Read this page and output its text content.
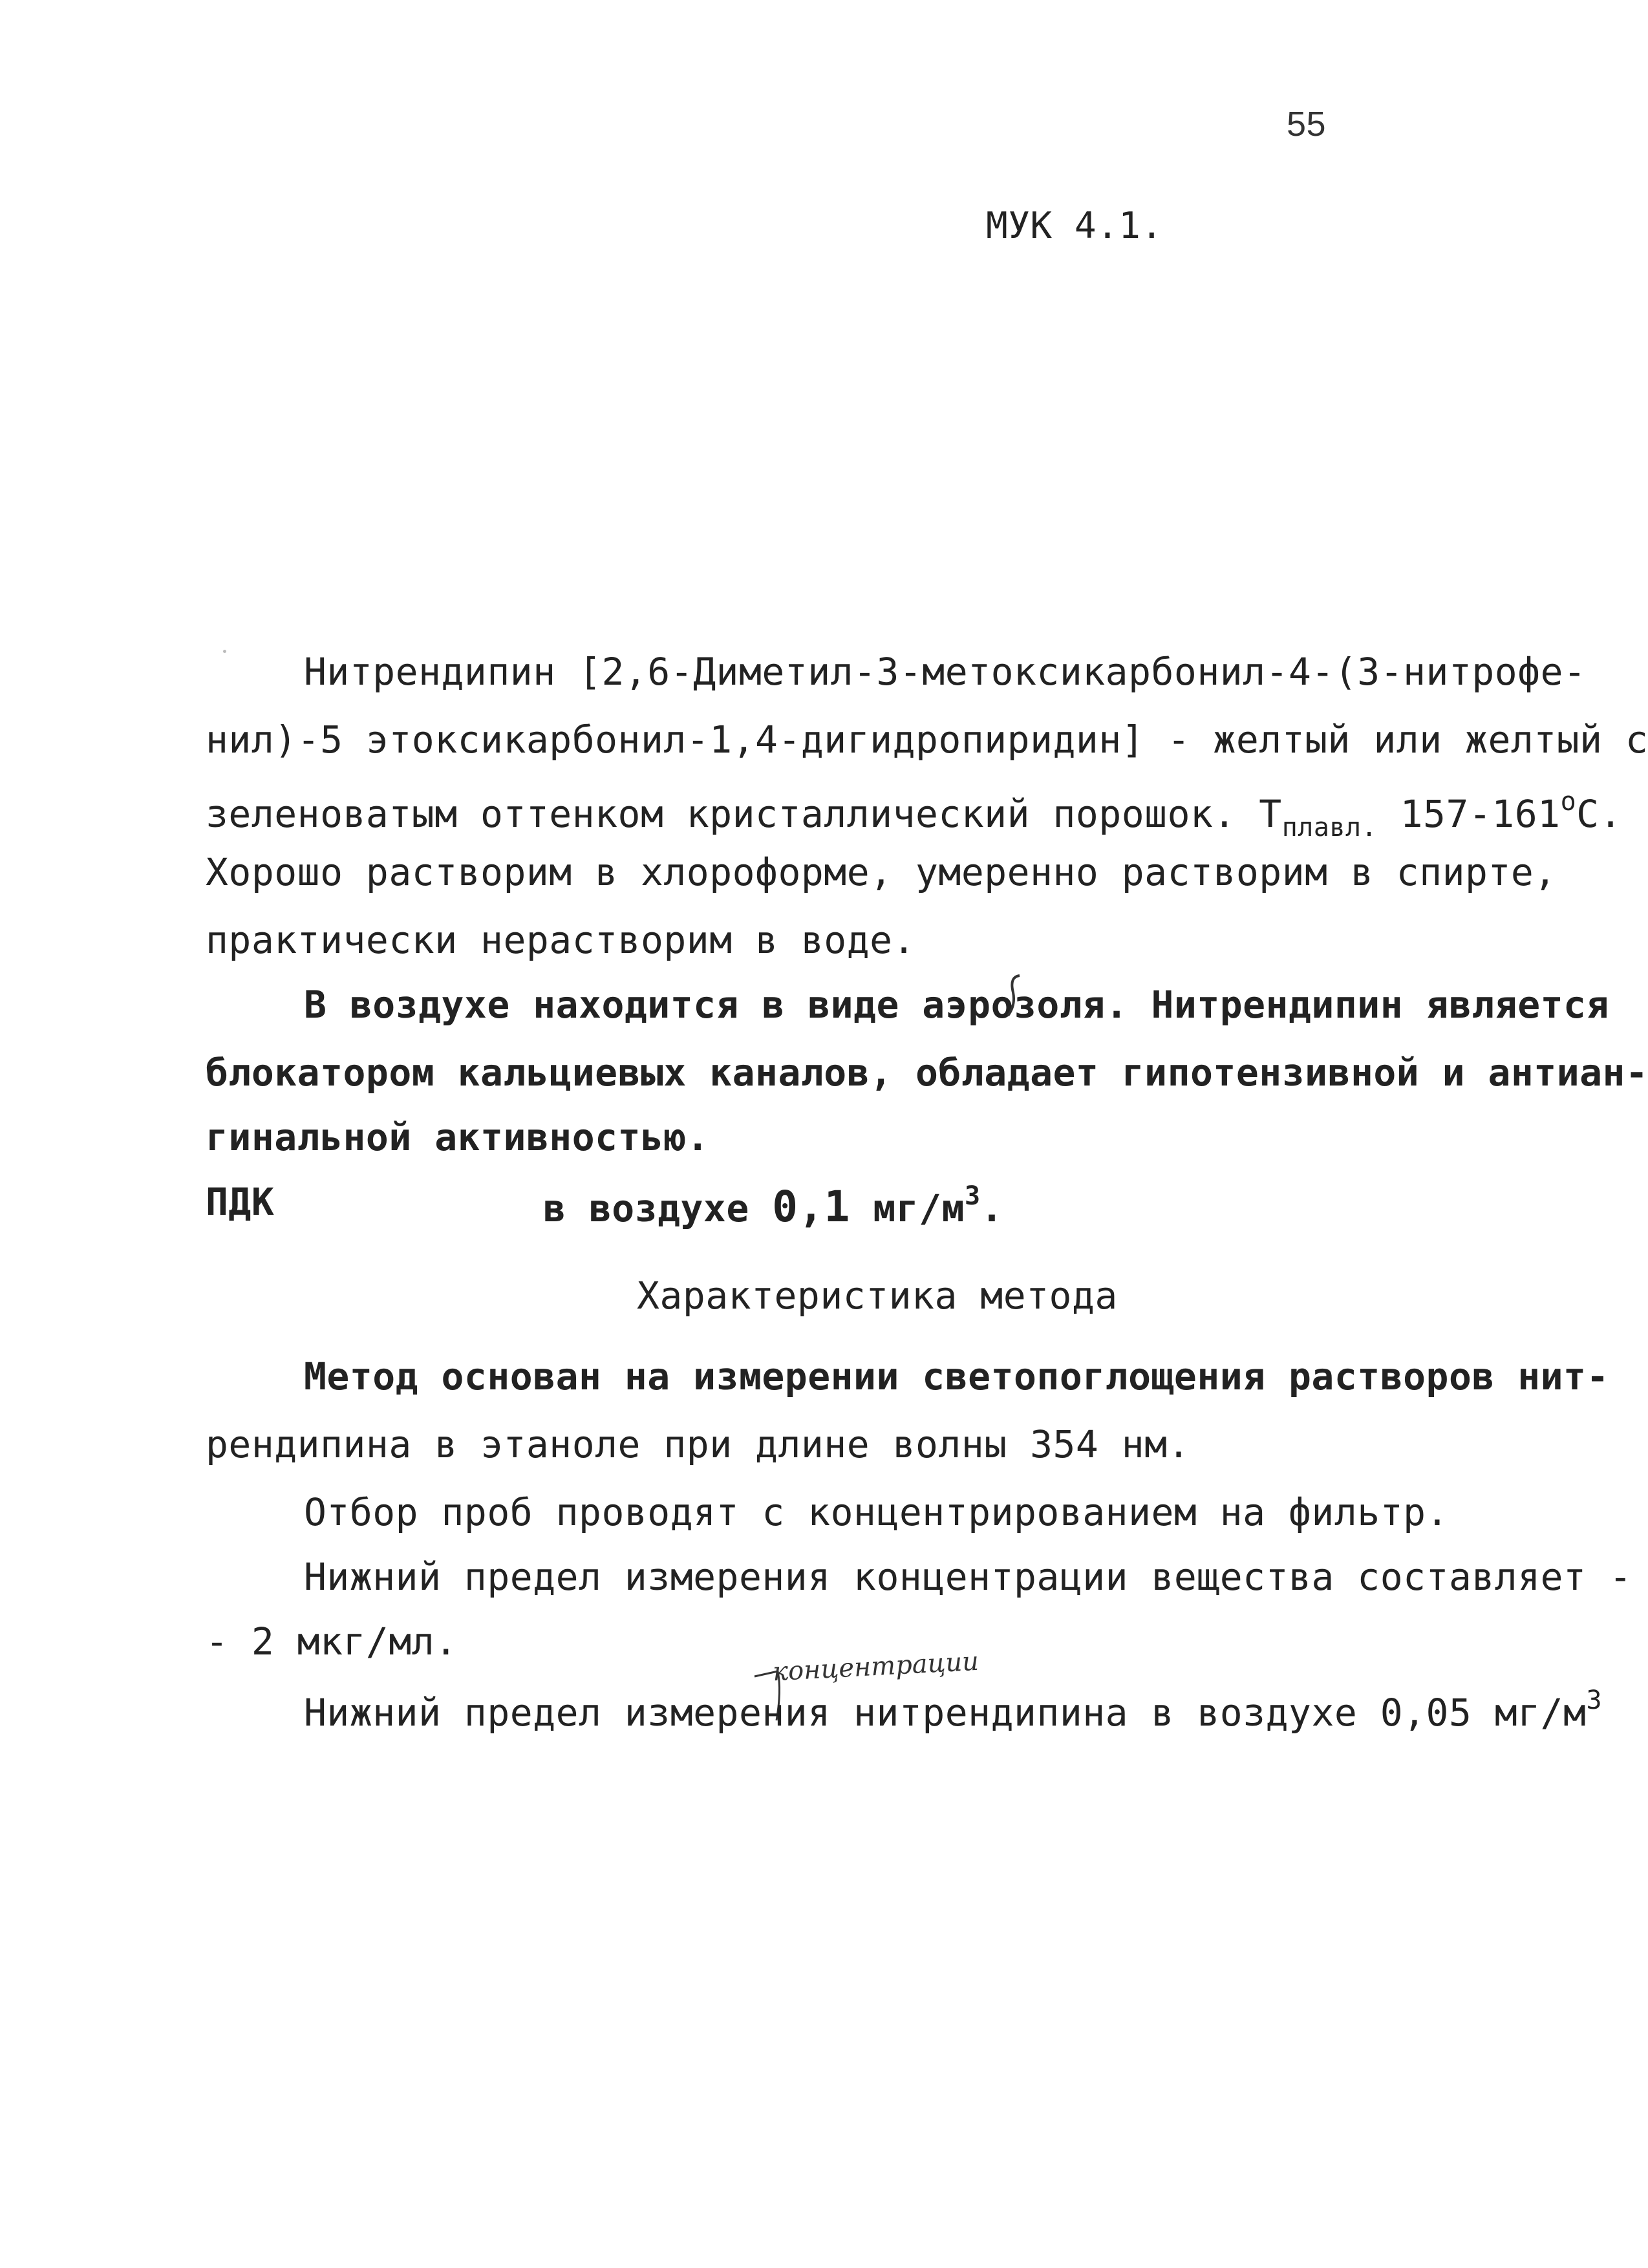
55
МУК 4.1.
Нитрендипин [2,6-Диметил-3-метоксикарбонил-4-(3-нитрофе-
нил)-5 этоксикарбонил-1,4-дигидропиридин] - желтый или желтый с
зеленоватым оттенком кристаллический порошок. $Т_{плавл.}$ $157-161^оС$.
Хорошо растворим в хлороформе, умеренно растворим в спирте,
практически нерастворим в воде.
В воздухе находится в виде аэрозоля. Нитрендипин является
блокатором кальциевых каналов, обладает гипотензивной и антиан-
гинальной активностью.
ПДК	в воздухе 0,1 $мг/м^3$.
Характеристика метода
Метод основан на измерении светопоглощения растворов нит-
рендипина в этаноле при длине волны 354 нм.
Отбор проб проводят с концентрированием на фильтр.
Нижний предел измерения концентрации вещества составляет -
- 2 мкг/мл.
концентрации
Нижний предел измерения нитрендипина в воздухе 0,05 $мг/м^3$
